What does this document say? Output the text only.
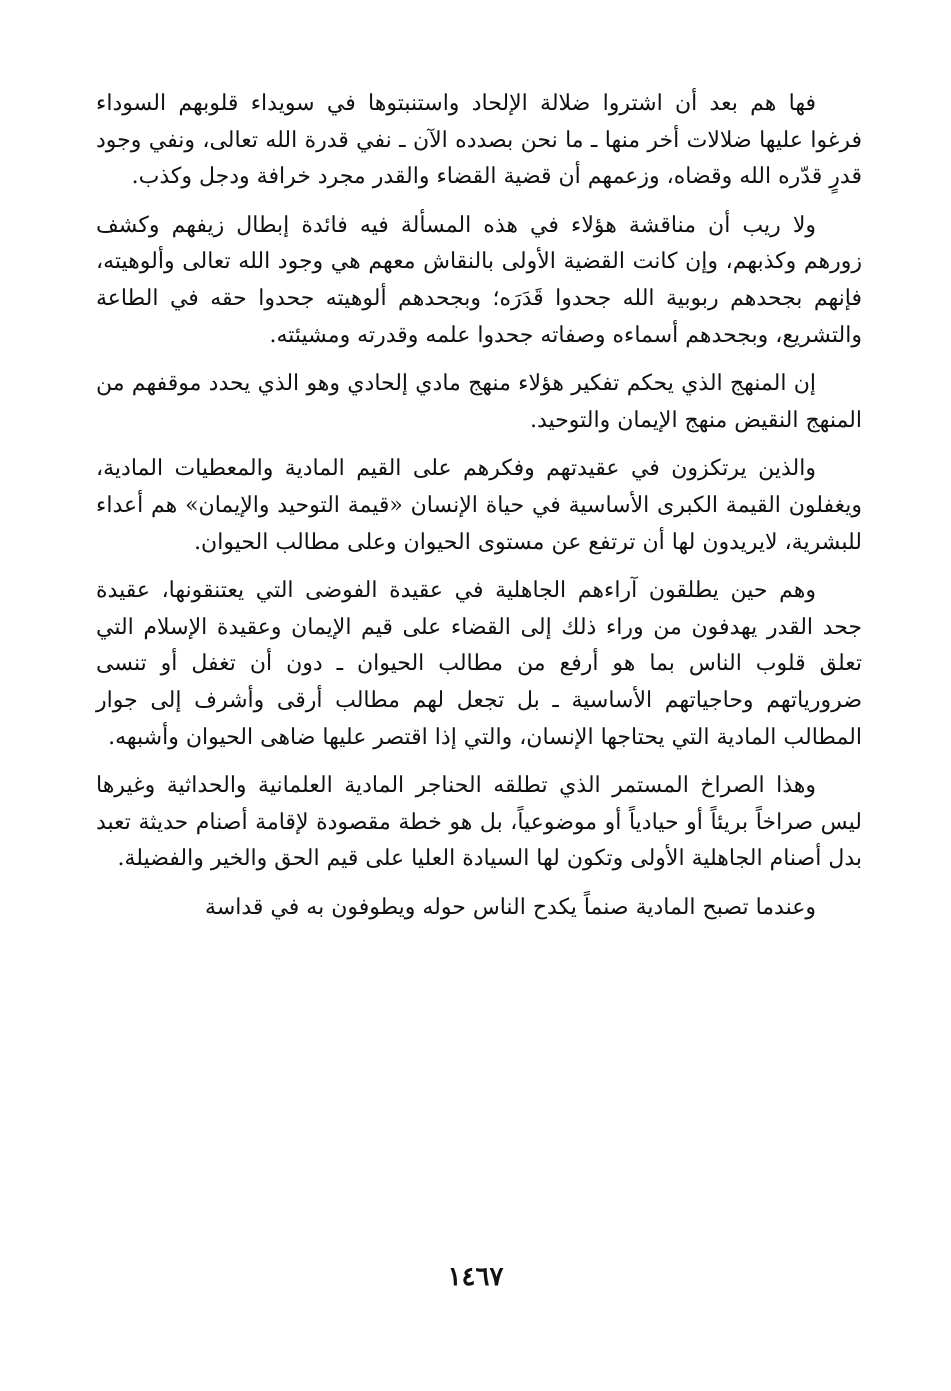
فها هم بعد أن اشتروا ضلالة الإلحاد واستنبتوها في سويداء قلوبهم السوداء فرغوا عليها ضلالات أخر منها ـ ما نحن بصدده الآن ـ نفي قدرة الله تعالى، ونفي وجود قدرٍ قدّره الله وقضاه، وزعمهم أن قضية القضاء والقدر مجرد خرافة ودجل وكذب.

ولا ريب أن مناقشة هؤلاء في هذه المسألة فيه فائدة إبطال زيفهم وكشف زورهم وكذبهم، وإن كانت القضية الأولى بالنقاش معهم هي وجود الله تعالى وألوهيته، فإنهم بجحدهم ربوبية الله جحدوا قَدَرَه؛ وبجحدهم ألوهيته جحدوا حقه في الطاعة والتشريع، وبجحدهم أسماءه وصفاته جحدوا علمه وقدرته ومشيئته.

إن المنهج الذي يحكم تفكير هؤلاء منهج مادي إلحادي وهو الذي يحدد موقفهم من المنهج النقيض منهج الإيمان والتوحيد.

والذين يرتكزون في عقيدتهم وفكرهم على القيم المادية والمعطيات المادية، ويغفلون القيمة الكبرى الأساسية في حياة الإنسان «قيمة التوحيد والإيمان» هم أعداء للبشرية، لايريدون لها أن ترتفع عن مستوى الحيوان وعلى مطالب الحيوان.

وهم حين يطلقون آراءهم الجاهلية في عقيدة الفوضى التي يعتنقونها، عقيدة جحد القدر يهدفون من وراء ذلك إلى القضاء على قيم الإيمان وعقيدة الإسلام التي تعلق قلوب الناس بما هو أرفع من مطالب الحيوان ـ دون أن تغفل أو تنسى ضرورياتهم وحاجياتهم الأساسية ـ بل تجعل لهم مطالب أرقى وأشرف إلى جوار المطالب المادية التي يحتاجها الإنسان، والتي إذا اقتصر عليها ضاهى الحيوان وأشبهه.

وهذا الصراخ المستمر الذي تطلقه الحناجر المادية العلمانية والحداثية وغيرها ليس صراخاً بريئاً أو حيادياً أو موضوعياً، بل هو خطة مقصودة لإقامة أصنام حديثة تعبد بدل أصنام الجاهلية الأولى وتكون لها السيادة العليا على قيم الحق والخير والفضيلة.

وعندما تصبح المادية صنماً يكدح الناس حوله ويطوفون به في قداسة

١٤٦٧
